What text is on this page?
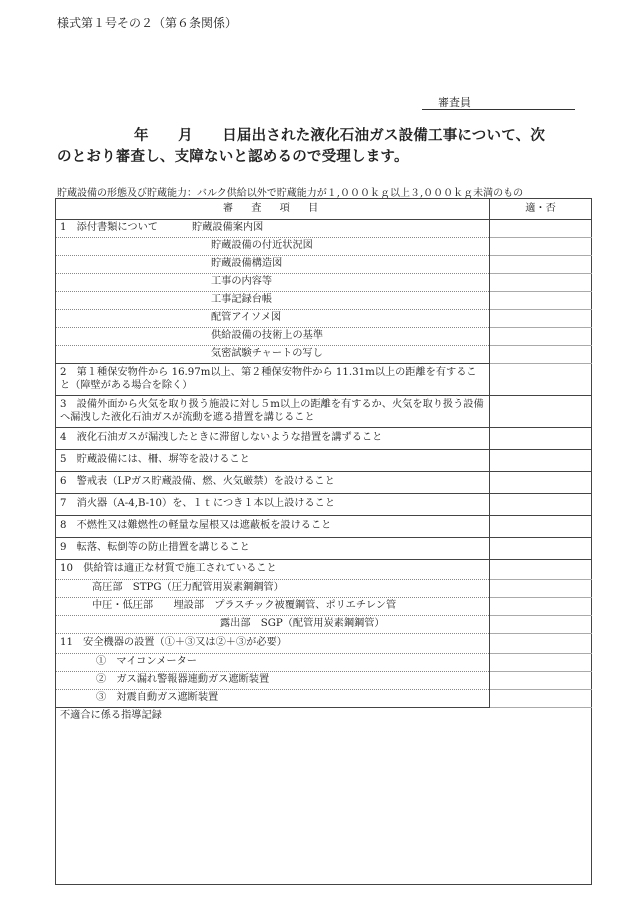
様式第１号その２（第６条関係）
審査員
年　　月　　日届出された液化石油ガス設備工事について、次
のとおり審査し、支障ないと認めるので受理します。
貯蔵設備の形態及び貯蔵能力：バルク供給以外で貯蔵能力が１,０００ｋｇ以上３,０００ｋｇ未満のもの
審　査　項　目	適・否
1　添付書類について 貯蔵設備案内図	
貯蔵設備の付近状況図	
貯蔵設備構造図	
工事の内容等	
工事記録台帳	
配管アイソメ図	
供給設備の技術上の基準	
気密試験チャートの写し	
2　第１種保安物件から 16.97m以上、第２種保安物件から 11.31m以上の距離を有すること（障壁がある場合を除く）	
3　設備外面から火気を取り扱う施設に対し５m以上の距離を有するか、火気を取り扱う設備へ漏洩した液化石油ガスが流動を遮る措置を講じること	
4　液化石油ガスが漏洩したときに滞留しないような措置を講ずること	
5　貯蔵設備には、柵、塀等を設けること	
6　警戒表（LPガス貯蔵設備、燃、火気厳禁）を設けること	
7　消火器（A-4,B-10）を、１ｔにつき１本以上設けること	
8　不燃性又は難燃性の軽量な屋根又は遮蔽板を設けること	
9　転落、転倒等の防止措置を講じること	
10　供給管は適正な材質で施工されていること	
高圧部　STPG（圧力配管用炭素鋼鋼管）	
中圧・低圧部　　埋設部　プラスチック被覆鋼管、ポリエチレン管	
露出部　SGP（配管用炭素鋼鋼管）	
11　安全機器の設置（①＋③又は②＋③が必要）	
①　マイコンメーター	
②　ガス漏れ警報器連動ガス遮断装置	
③　対震自動ガス遮断装置	
不適合に係る指導記録	
